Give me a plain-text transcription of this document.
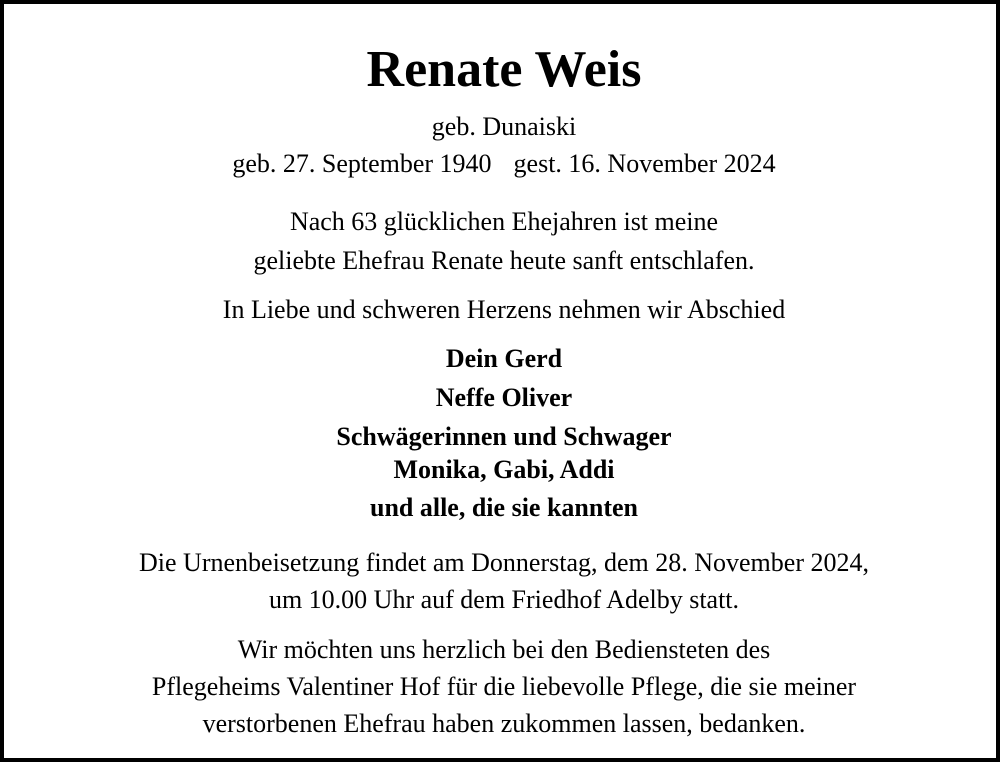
Renate Weis
geb. Dunaiski
geb. 27. September 1940 gest. 16. November 2024
Nach 63 glücklichen Ehejahren ist meine
geliebte Ehefrau Renate heute sanft entschlafen.
In Liebe und schweren Herzens nehmen wir Abschied
Dein Gerd
Neffe Oliver
Schwägerinnen und Schwager
Monika, Gabi, Addi
und alle, die sie kannten
Die Urnenbeisetzung findet am Donnerstag, dem 28. November 2024,
um 10.00 Uhr auf dem Friedhof Adelby statt.
Wir möchten uns herzlich bei den Bediensteten des
Pflegeheims Valentiner Hof für die liebevolle Pflege, die sie meiner
verstorbenen Ehefrau haben zukommen lassen, bedanken.
